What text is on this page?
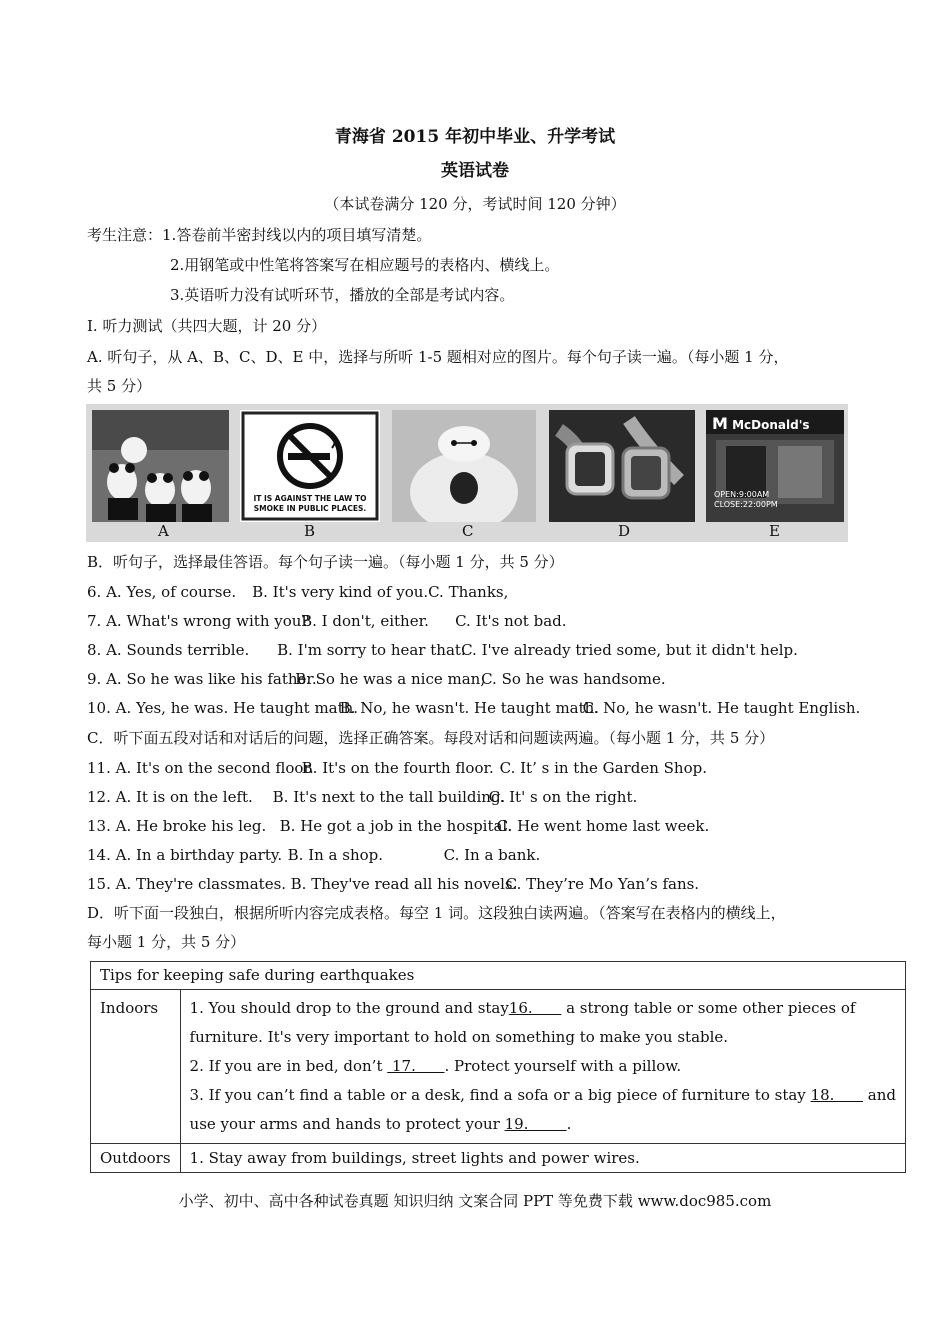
青海省 2015 年初中毕业、升学考试
英语试卷
（本试卷满分 120 分，考试时间 120 分钟）
考生注意：1.答卷前半密封线以内的项目填写清楚。
2.用钢笔或中性笔将答案写在相应题号的表格内、横线上。
3.英语听力没有试听环节，播放的全部是考试内容。
Ⅰ. 听力测试（共四大题，计 20 分）
A. 听句子，从 A、B、C、D、E 中，选择与所听 1-5 题相对应的图片。每个句子读一遍。（每小题 1 分，
共 5 分）
A
IT IS AGAINST THE LAW TO
SMOKE IN PUBLIC PLACES.
B	C	D
M McDonald's
OPEN:9:00AM
CLOSE:22:00PM
E
B．听句子，选择最佳答语。每个句子读一遍。（每小题 1 分，共 5 分）
6. A. Yes, of course. B. It's very kind of you.C. Thanks,
7. A. What's wrong with you?B. I don't, either. C. It's not bad.
8. A. Sounds terrible. B. I'm sorry to hear that.C. I've already tried some, but it didn't help.
9. A. So he was like his father.B. So he was a nice man,C. So he was handsome.
10. A. Yes, he was. He taught math.B. No, he wasn't. He taught math.C. No, he wasn't. He taught English.
C．听下面五段对话和对话后的问题，选择正确答案。每段对话和问题读两遍。（每小题 1 分，共 5 分）
11. A. It's on the second floor.B. It's on the fourth floor. C. It’ s in the Garden Shop.
12. A. It is on the left. B. It's next to the tall building.C. It' s on the right.
13. A. He broke his leg. B. He got a job in the hospital.C. He went home last week.
14. A. In a birthday party. B. In a shop.	C. In a bank.
15. A. They're classmates. B. They've read all his novels.C. They’re Mo Yan’s fans.
D．听下面一段独白，根据所听内容完成表格。每空 1 词。这段独白读两遍。（答案写在表格内的横线上，
每小题 1 分，共 5 分）
Tips for keeping safe during earthquakes	
Indoors	1. You should drop to the ground and stay16.       a strong table or some other pieces of
furniture. It's very important to hold on something to make you stable.
2. If you are in bed, don’t  17.      . Protect yourself with a pillow.
3. If you can’t find a table or a desk, find a sofa or a big piece of furniture to stay 18.       and
use your arms and hands to protect your 19.        .

Outdoors	1. Stay away from buildings, street lights and power wires.
小学、初中、高中各种试卷真题 知识归纳 文案合同 PPT 等免费下载 www.doc985.com
